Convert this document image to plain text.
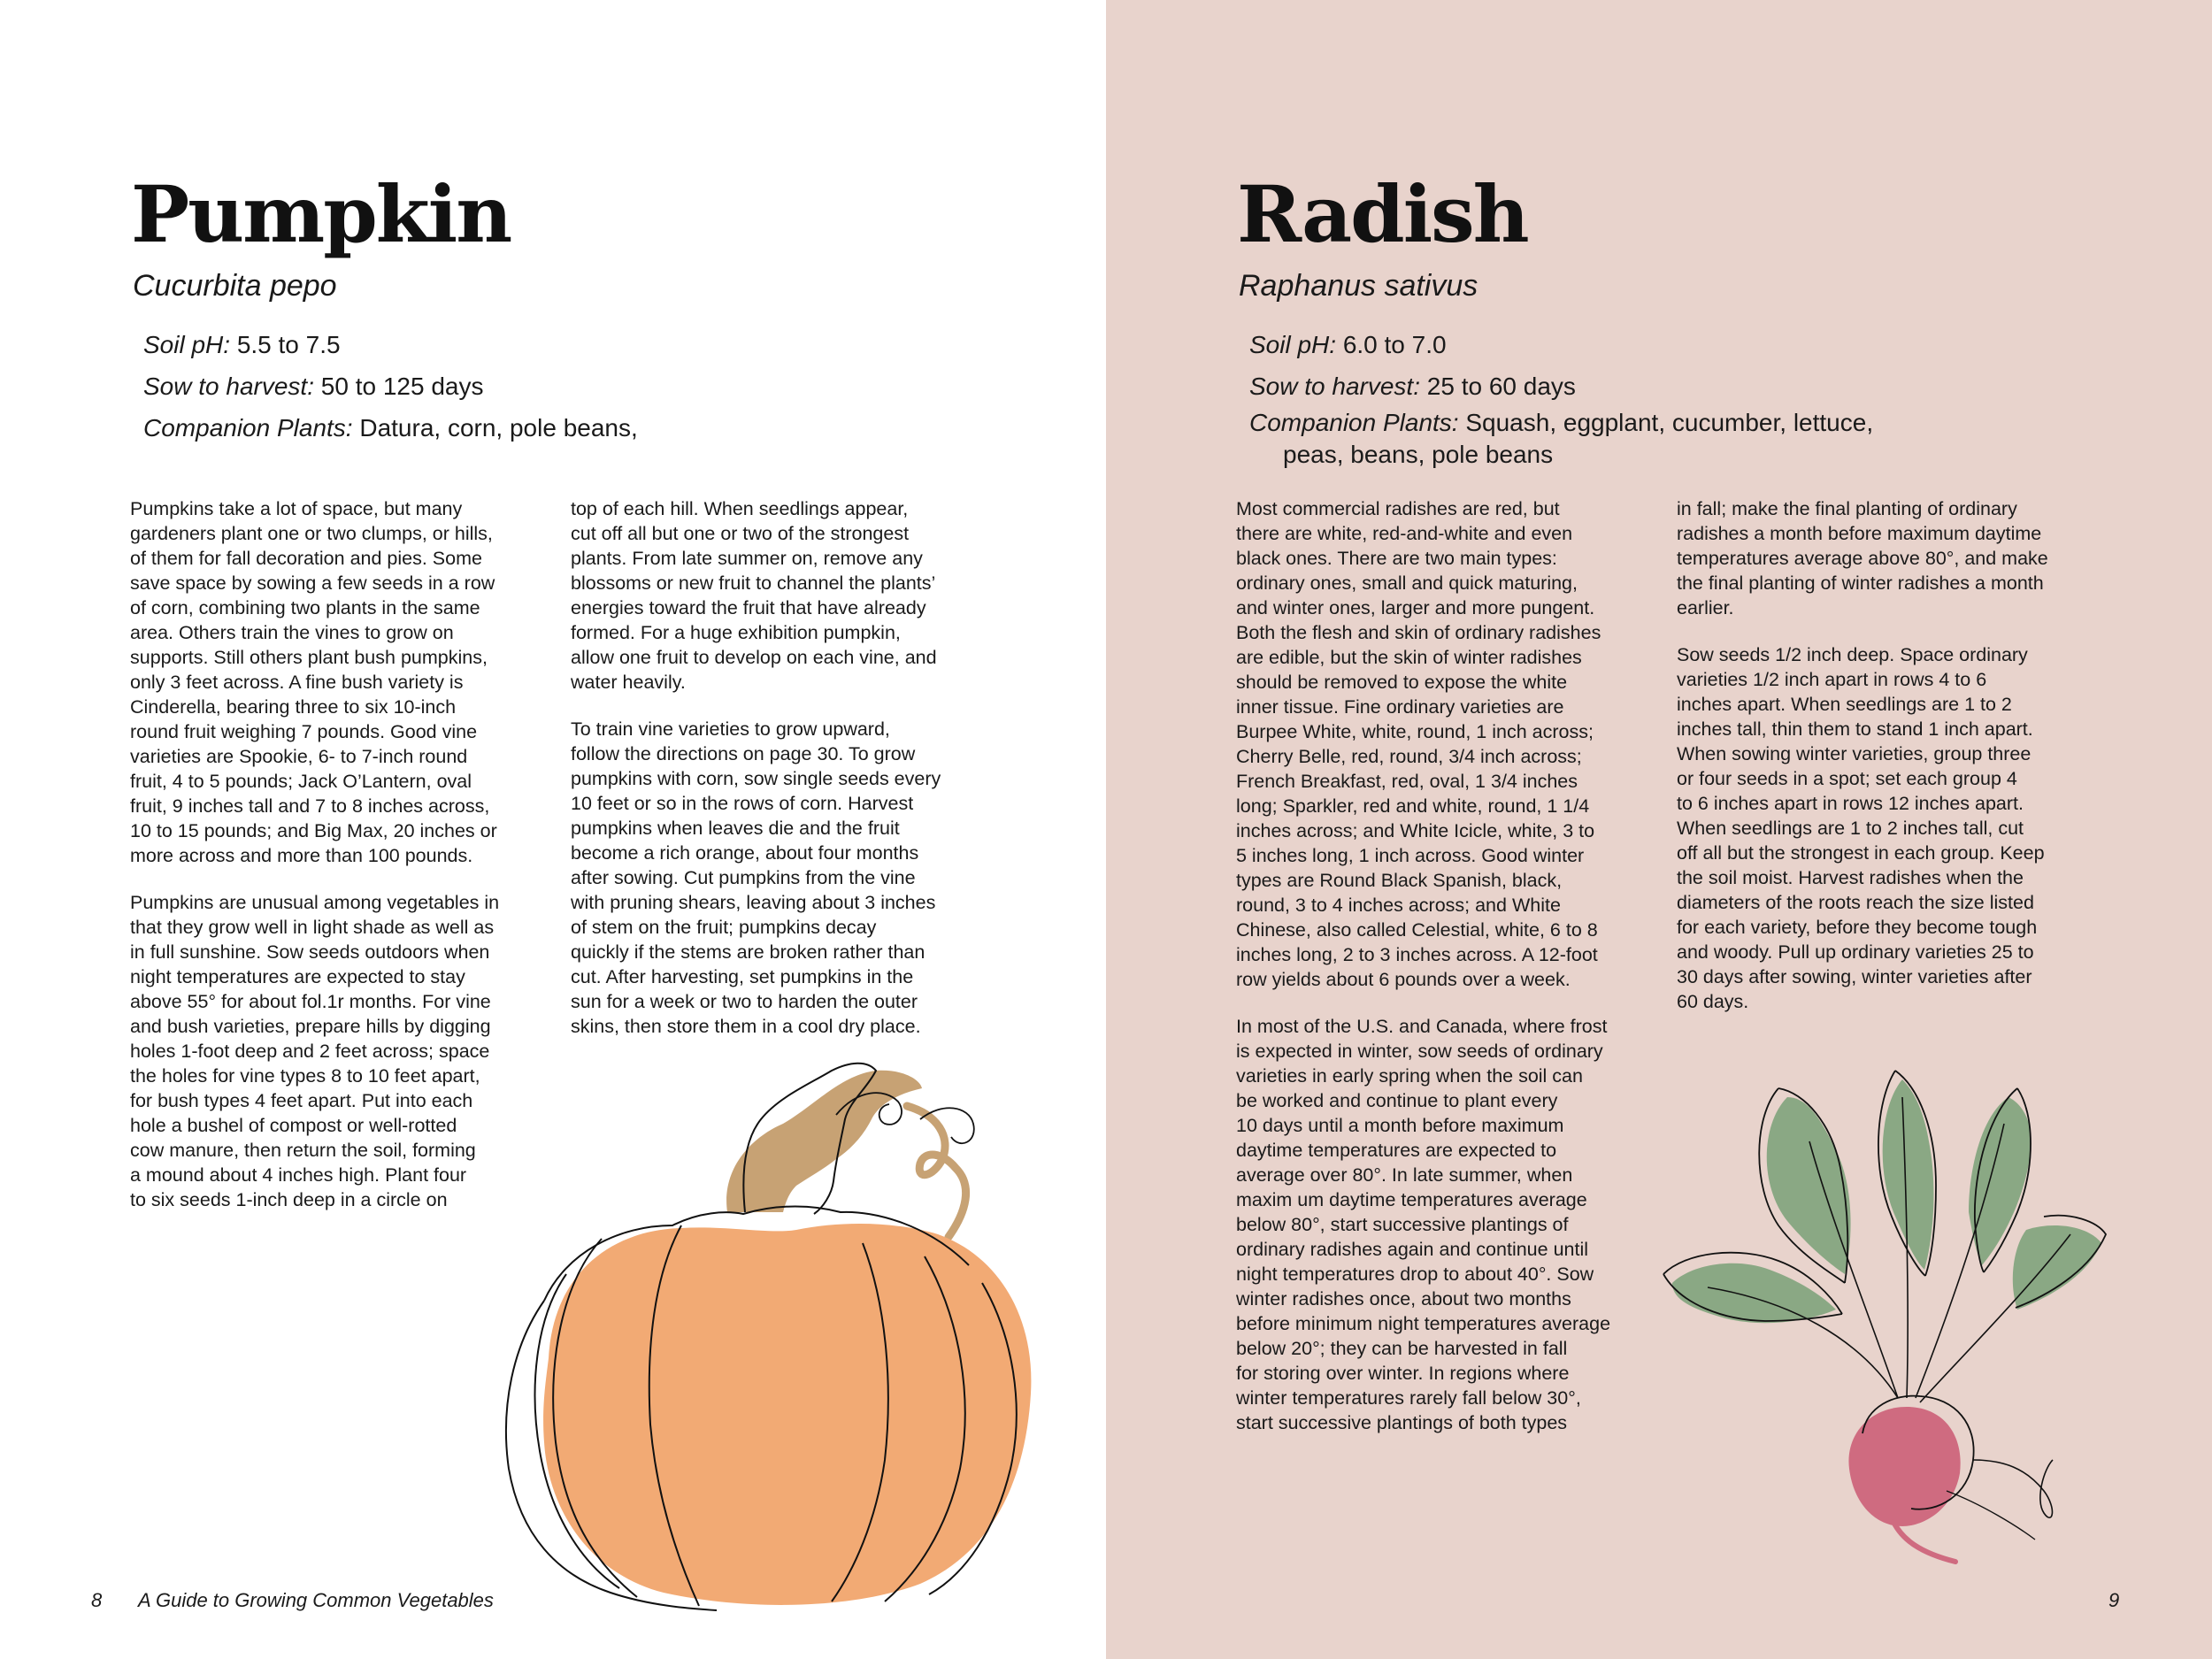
Pumpkin
Cucurbita pepo
Soil pH: 5.5 to 7.5
Sow to harvest: 50 to 125 days
Companion Plants: Datura, corn, pole beans,

Pumpkins take a lot of space, but many
gardeners plant one or two clumps, or hills,
of them for fall decoration and pies. Some
save space by sowing a few seeds in a row
of corn, combining two plants in the same
area. Others train the vines to grow on
supports. Still others plant bush pumpkins,
only 3 feet across. A fine bush variety is
Cinderella, bearing three to six 10-inch
round fruit weighing 7 pounds. Good vine
varieties are Spookie, 6- to 7-inch round
fruit, 4 to 5 pounds; Jack O’Lantern, oval
fruit, 9 inches tall and 7 to 8 inches across,
10 to 15 pounds; and Big Max, 20 inches or
more across and more than 100 pounds.

Pumpkins are unusual among vegetables in
that they grow well in light shade as well as
in full sunshine. Sow seeds outdoors when
night temperatures are expected to stay
above 55° for about fol.1r months. For vine
and bush varieties, prepare hills by digging
holes 1-foot deep and 2 feet across; space
the holes for vine types 8 to 10 feet apart,
for bush types 4 feet apart. Put into each
hole a bushel of compost or well-rotted
cow manure, then return the soil, forming
a mound about 4 inches high. Plant four
to six seeds 1-inch deep in a circle on

top of each hill. When seedlings appear,
cut off all but one or two of the strongest
plants. From late summer on, remove any
blossoms or new fruit to channel the plants’
energies toward the fruit that have already
formed. For a huge exhibition pumpkin,
allow one fruit to develop on each vine, and
water heavily.

To train vine varieties to grow upward,
follow the directions on page 30. To grow
pumpkins with corn, sow single seeds every
10 feet or so in the rows of corn. Harvest
pumpkins when leaves die and the fruit
become a rich orange, about four months
after sowing. Cut pumpkins from the vine
with pruning shears, leaving about 3 inches
of stem on the fruit; pumpkins decay
quickly if the stems are broken rather than
cut. After harvesting, set pumpkins in the
sun for a week or two to harden the outer
skins, then store them in a cool dry place.

8 A Guide to Growing Common Vegetables
Radish
Raphanus sativus
Soil pH: 6.0 to 7.0
Sow to harvest: 25 to 60 days
Companion Plants: Squash, eggplant, cucumber, lettuce,
peas, beans, pole beans

Most commercial radishes are red, but
there are white, red-and-white and even
black ones. There are two main types:
ordinary ones, small and quick maturing,
and winter ones, larger and more pungent.
Both the flesh and skin of ordinary radishes
are edible, but the skin of winter radishes
should be removed to expose the white
inner tissue. Fine ordinary varieties are
Burpee White, white, round, 1 inch across;
Cherry Belle, red, round, 3/4 inch across;
French Breakfast, red, oval, 1 3/4 inches
long; Sparkler, red and white, round, 1 1/4
inches across; and White Icicle, white, 3 to
5 inches long, 1 inch across. Good winter
types are Round Black Spanish, black,
round, 3 to 4 inches across; and White
Chinese, also called Celestial, white, 6 to 8
inches long, 2 to 3 inches across. A 12-foot
row yields about 6 pounds over a week.

In most of the U.S. and Canada, where frost
is expected in winter, sow seeds of ordinary
varieties in early spring when the soil can
be worked and continue to plant every
10 days until a month before maximum
daytime temperatures are expected to
average over 80°. In late summer, when
maxim um daytime temperatures average
below 80°, start successive plantings of
ordinary radishes again and continue until
night temperatures drop to about 40°. Sow
winter radishes once, about two months
before minimum night temperatures average
below 20°; they can be harvested in fall
for storing over winter. In regions where
winter temperatures rarely fall below 30°,
start successive plantings of both types

in fall; make the final planting of ordinary
radishes a month before maximum daytime
temperatures average above 80°, and make
the final planting of winter radishes a month
earlier.

Sow seeds 1/2 inch deep. Space ordinary
varieties 1/2 inch apart in rows 4 to 6
inches apart. When seedlings are 1 to 2
inches tall, thin them to stand 1 inch apart.
When sowing winter varieties, group three
or four seeds in a spot; set each group 4
to 6 inches apart in rows 12 inches apart.
When seedlings are 1 to 2 inches tall, cut
off all but the strongest in each group. Keep
the soil moist. Harvest radishes when the
diameters of the roots reach the size listed
for each variety, before they become tough
and woody. Pull up ordinary varieties 25 to
30 days after sowing, winter varieties after
60 days.

9
